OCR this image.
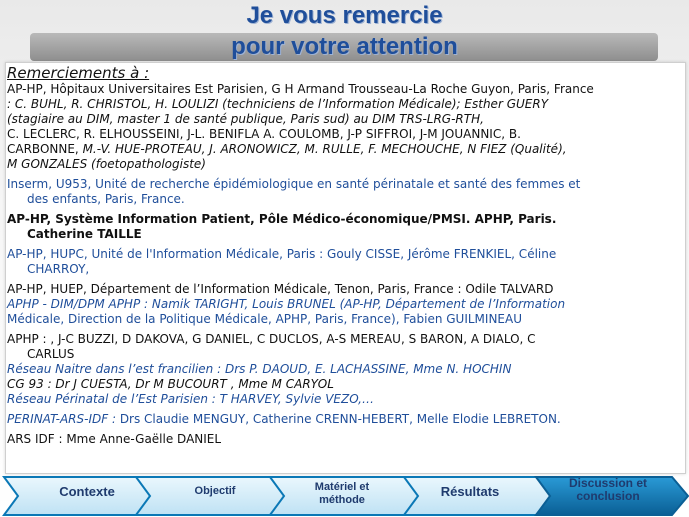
Je vous remercie
pour votre attention
Remerciements à :
AP-HP, Hôpitaux Universitaires Est Parisien, G H Armand Trousseau-La Roche Guyon, Paris, France
: C. BUHL, R. CHRISTOL, H. LOULIZI (techniciens de l’Information Médicale); Esther GUERY
(stagiaire au DIM, master 1 de santé publique, Paris sud) au DIM TRS-LRG-RTH,
C. LECLERC, R. ELHOUSSEINI, J-L. BENIFLA A. COULOMB, J-P SIFFROI, J-M JOUANNIC, B.
CARBONNE, M.-V. HUE-PROTEAU, J. ARONOWICZ, M. RULLE, F. MECHOUCHE, N FIEZ (Qualité),
M GONZALES (foetopathologiste)
Inserm, U953, Unité de recherche épidémiologique en santé périnatale et santé des femmes et
des enfants, Paris, France.
AP-HP, Système Information Patient, Pôle Médico-économique/PMSI. APHP, Paris.
Catherine TAILLE
AP-HP, HUPC, Unité de l'Information Médicale, Paris : Gouly CISSE, Jérôme FRENKIEL, Céline
CHARROY,
AP-HP, HUEP, Département de l’Information Médicale, Tenon, Paris, France : Odile TALVARD
APHP - DIM/DPM APHP : Namik TARIGHT, Louis BRUNEL (AP-HP, Département de l’Information
Médicale, Direction de la Politique Médicale, APHP, Paris, France), Fabien GUILMINEAU
APHP : , J-C BUZZI, D DAKOVA, G DANIEL, C DUCLOS, A-S MEREAU, S BARON, A DIALO, C
CARLUS
Réseau Naitre dans l’est francilien : Drs P. DAOUD, E. LACHASSINE, Mme N. HOCHIN
CG 93 : Dr J CUESTA, Dr M BUCOURT , Mme M CARYOL
Réseau Périnatal de l’Est Parisien : T HARVEY, Sylvie VEZO,…
PERINAT-ARS-IDF : Drs Claudie MENGUY, Catherine CRENN-HEBERT, Melle Elodie LEBRETON.
ARS IDF : Mme Anne-Gaëlle DANIEL
Contexte	Objectif	Matériel et
méthode
Résultats
Discussion et
conclusion
